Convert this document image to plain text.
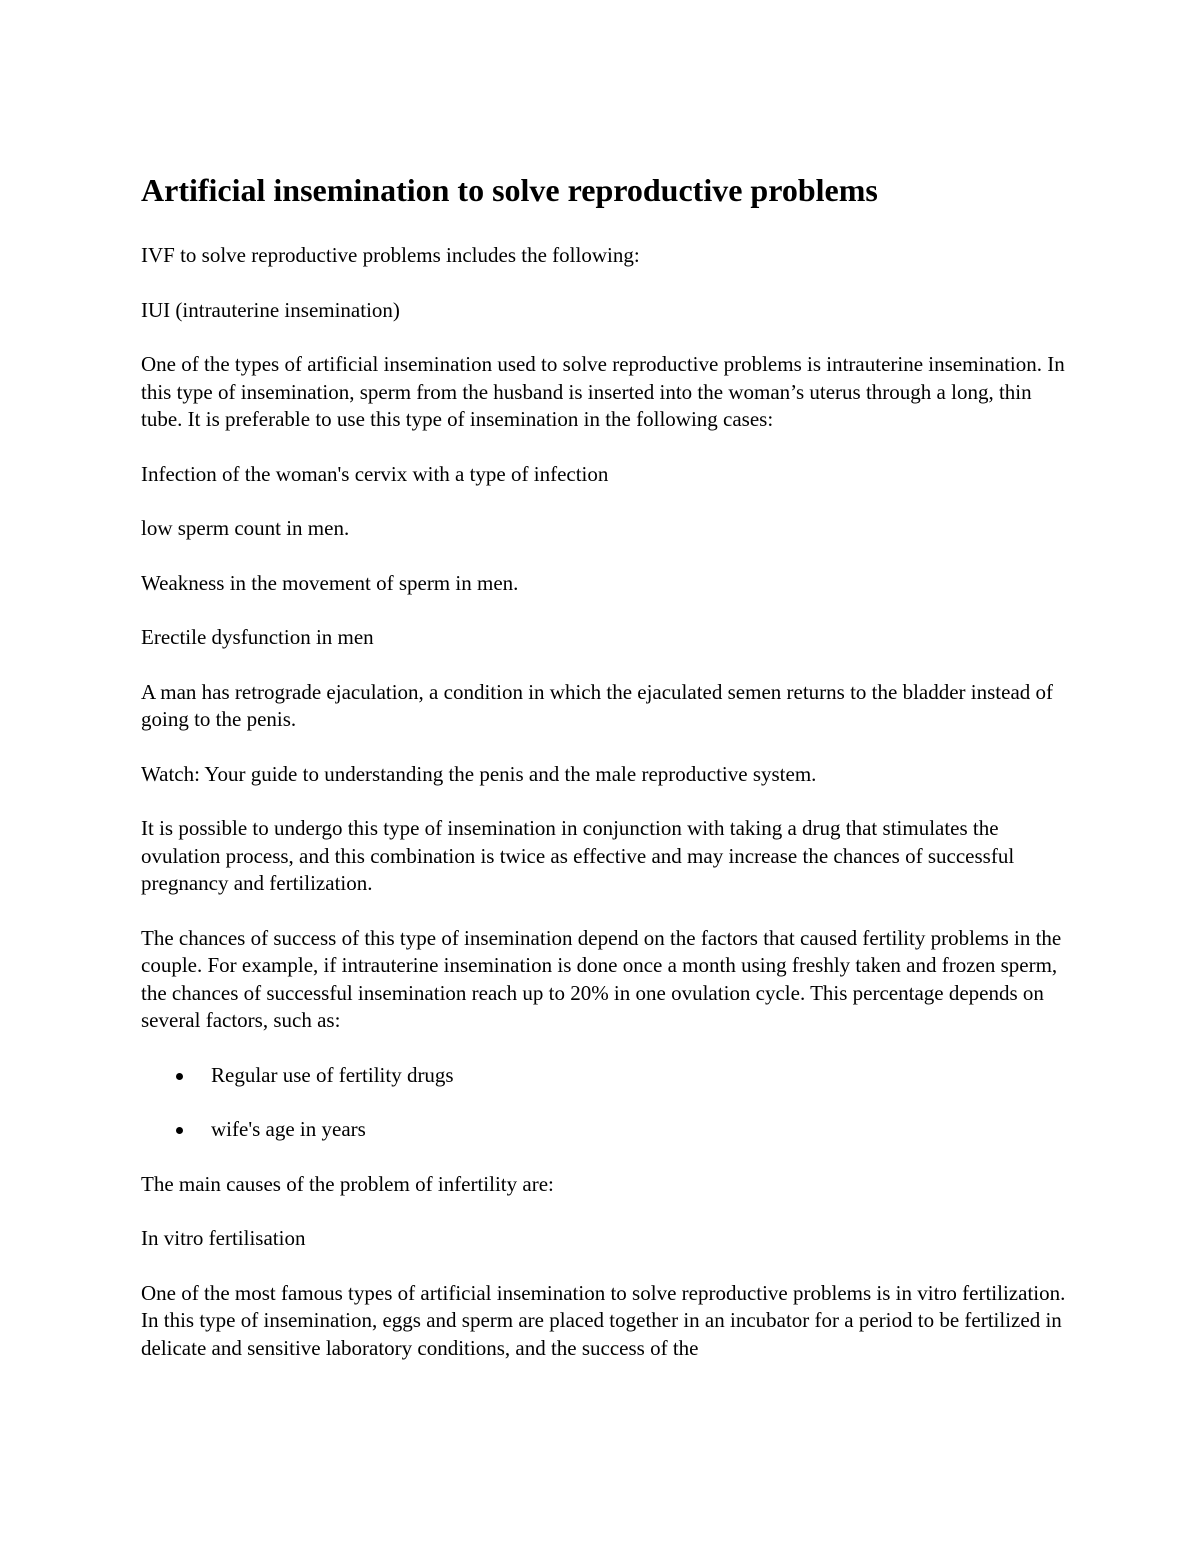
Artificial insemination to solve reproductive problems

IVF to solve reproductive problems includes the following:

IUI (intrauterine insemination)

One of the types of artificial insemination used to solve reproductive problems is intrauterine insemination. In this type of insemination, sperm from the husband is inserted into the woman’s uterus through a long, thin tube. It is preferable to use this type of insemination in the following cases:

Infection of the woman's cervix with a type of infection

low sperm count in men.

Weakness in the movement of sperm in men.

Erectile dysfunction in men

A man has retrograde ejaculation, a condition in which the ejaculated semen returns to the bladder instead of going to the penis.

Watch: Your guide to understanding the penis and the male reproductive system.

It is possible to undergo this type of insemination in conjunction with taking a drug that stimulates the ovulation process, and this combination is twice as effective and may increase the chances of successful pregnancy and fertilization.

The chances of success of this type of insemination depend on the factors that caused fertility problems in the couple. For example, if intrauterine insemination is done once a month using freshly taken and frozen sperm, the chances of successful insemination reach up to 20% in one ovulation cycle. This percentage depends on several factors, such as:

Regular use of fertility drugs
wife's age in years

The main causes of the problem of infertility are:

In vitro fertilisation

One of the most famous types of artificial insemination to solve reproductive problems is in vitro fertilization. In this type of insemination, eggs and sperm are placed together in an incubator for a period to be fertilized in delicate and sensitive laboratory conditions, and the success of the
